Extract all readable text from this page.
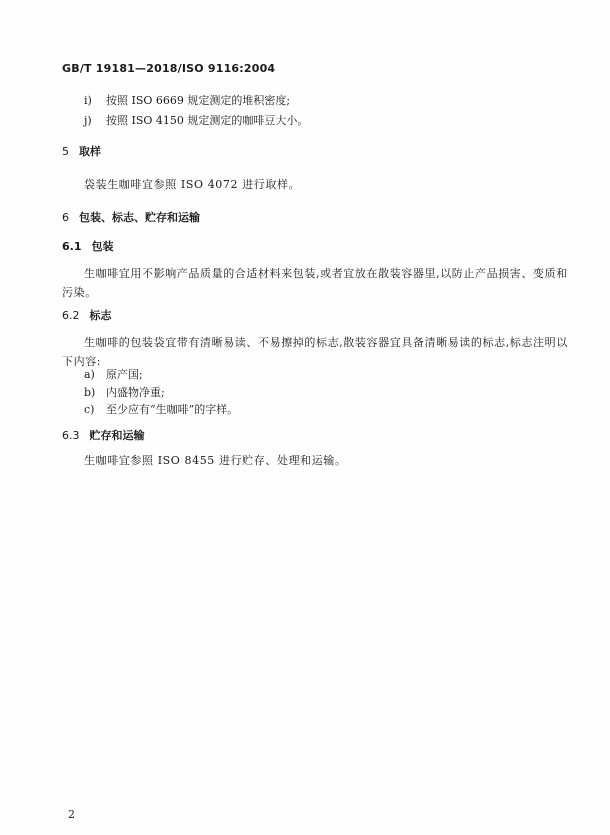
GB/T 19181—2018/ISO 9116:2004
i) 按照 ISO 6669 规定测定的堆积密度;
j) 按照 ISO 4150 规定测定的咖啡豆大小。
5 取样
袋装生咖啡宜参照 ISO 4072 进行取样。
6 包装、标志、贮存和运输
6.1 包装
生咖啡宜用不影响产品质量的合适材料来包装,或者宜放在散装容器里,以防止产品损害、变质和
污染。
6.2 标志
生咖啡的包装袋宜带有清晰易读、不易擦掉的标志,散装容器宜具备清晰易读的标志,标志注明以
下内容:
a) 原产国;
b) 内盛物净重;
c) 至少应有“生咖啡”的字样。
6.3 贮存和运输
生咖啡宜参照 ISO 8455 进行贮存、处理和运输。
2
